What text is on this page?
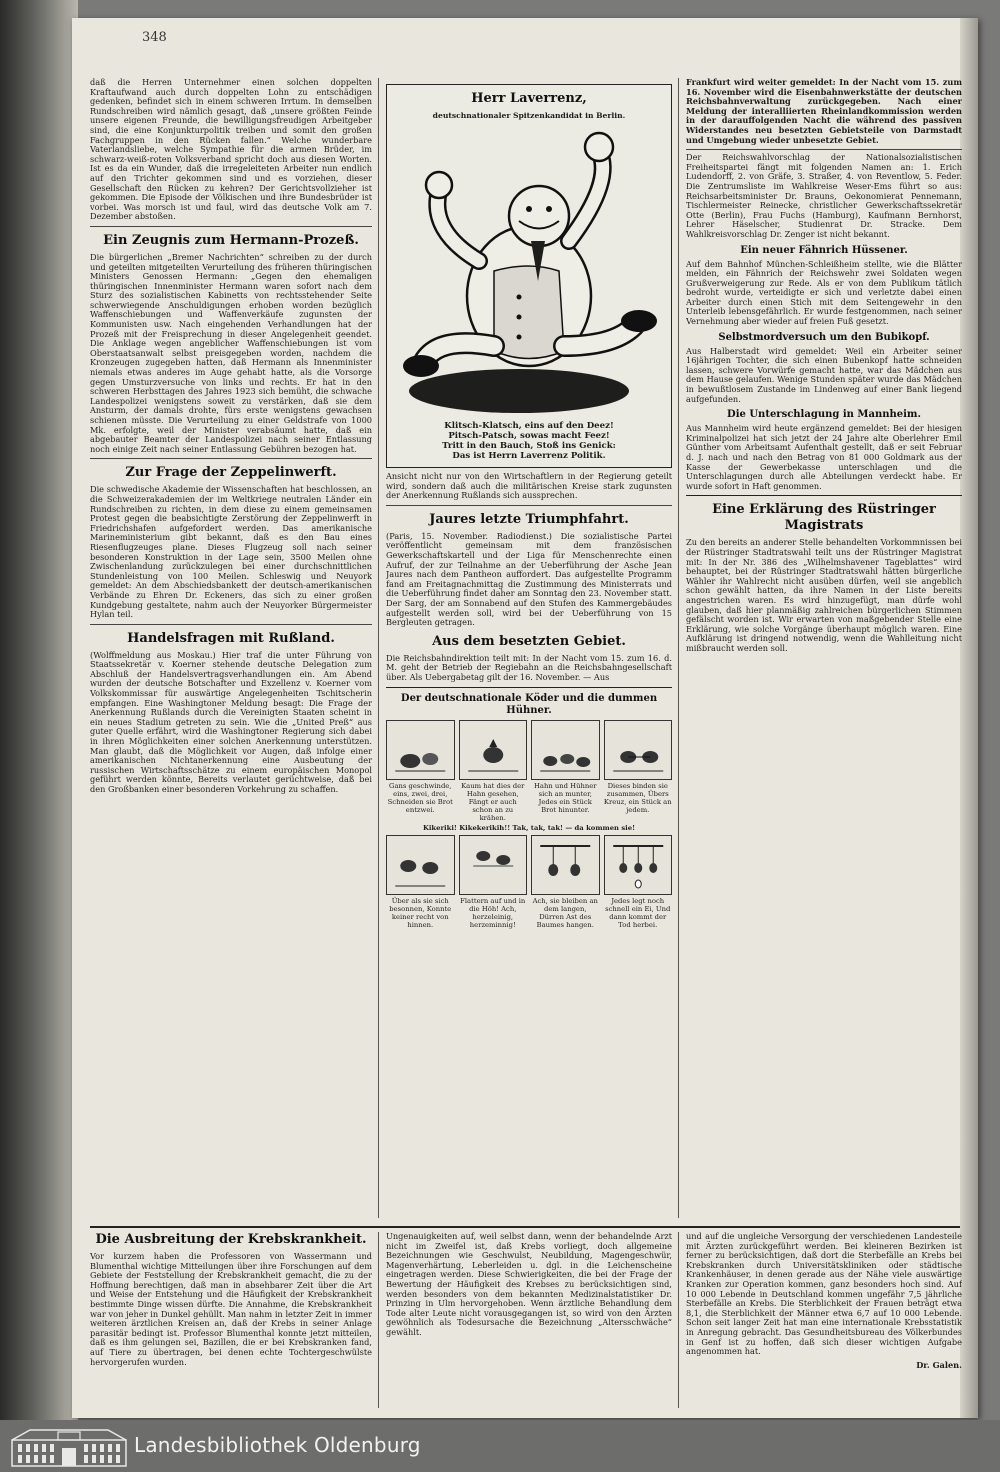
348

daß die Herren Unternehmer einen solchen doppelten Kraftaufwand auch durch doppelten Lohn zu entschädigen gedenken, befindet sich in einem schweren Irrtum. In demselben Rundschreiben wird nämlich gesagt, daß „unsere größten Feinde unsere eigenen Freunde, die bewilligungsfreudigen Arbeitgeber sind, die eine Konjunkturpolitik treiben und somit den großen Fachgruppen in den Rücken fallen.“ Welche wunderbare Vaterlandsliebe, welche Sympathie für die armen Brüder, im schwarz-weiß-roten Volksverband spricht doch aus diesen Worten. Ist es da ein Wunder, daß die irregeleiteten Arbeiter nun endlich auf den Trichter gekommen sind und es vorziehen, dieser Gesellschaft den Rücken zu kehren? Der Gerichtsvollzieher ist gekommen. Die Episode der Völkischen und ihre Bundesbrüder ist vorbei. Was morsch ist und faul, wird das deutsche Volk am 7. Dezember abstoßen.

Ein Zeugnis zum Hermann-Prozeß.

Die bürgerlichen „Bremer Nachrichten“ schreiben zu der durch und geteilten mitgeteilten Verurteilung des früheren thüringischen Ministers Genossen Hermann: „Gegen den ehemaligen thüringischen Innenminister Hermann waren sofort nach dem Sturz des sozialistischen Kabinetts von rechtsstehender Seite schwerwiegende Anschuldigungen erhoben worden bezüglich Waffenschiebungen und Waffenverkäufe zugunsten der Kommunisten usw. Nach eingehenden Verhandlungen hat der Prozeß mit der Freisprechung in dieser Angelegenheit geendet. Die Anklage wegen angeblicher Waffenschiebungen ist vom Oberstaatsanwalt selbst preisgegeben worden, nachdem die Kronzeugen zugegeben hatten, daß Hermann als Innenminister niemals etwas anderes im Auge gehabt hatte, als die Vorsorge gegen Umsturzversuche von links und rechts. Er hat in den schweren Herbsttagen des Jahres 1923 sich bemüht, die schwache Landespolizei wenigstens soweit zu verstärken, daß sie dem Ansturm, der damals drohte, fürs erste wenigstens gewachsen schienen müsste. Die Verurteilung zu einer Geldstrafe von 1000 Mk. erfolgte, weil der Minister verabsäumt hatte, daß ein abgebauter Beamter der Landespolizei nach seiner Entlassung noch einige Zeit nach seiner Entlassung Gebühren bezogen hat.

Zur Frage der Zeppelinwerft.

Die schwedische Akademie der Wissenschaften hat beschlossen, an die Schweizerakademien der im Weltkriege neutralen Länder ein Rundschreiben zu richten, in dem diese zu einem gemeinsamen Protest gegen die beabsichtigte Zerstörung der Zeppelinwerft in Friedrichshafen aufgefordert werden. Das amerikanische Marineministerium gibt bekannt, daß es den Bau eines Riesenflugzeuges plane. Dieses Flugzeug soll nach seiner besonderen Konstruktion in der Lage sein, 3500 Meilen ohne Zwischenlandung zurückzulegen bei einer durchschnittlichen Stundenleistung von 100 Meilen. Schleswig und Neuyork gemeldet: An dem Abschiedsbankett der deutsch-amerikanischen Verbände zu Ehren Dr. Eckeners, das sich zu einer großen Kundgebung gestaltete, nahm auch der Neuyorker Bürgermeister Hylan teil.

Handelsfragen mit Rußland.

(Wolffmeldung aus Moskau.) Hier traf die unter Führung von Staatssekretär v. Koerner stehende deutsche Delegation zum Abschluß der Handelsvertragsverhandlungen ein. Am Abend wurden der deutsche Botschafter und Exzellenz v. Koerner vom Volkskommissar für auswärtige Angelegenheiten Tschitscherin empfangen. Eine Washingtoner Meldung besagt: Die Frage der Anerkennung Rußlands durch die Vereinigten Staaten scheint in ein neues Stadium getreten zu sein. Wie die „United Preß“ aus guter Quelle erfährt, wird die Washingtoner Regierung sich dabei in ihren Möglichkeiten einer solchen Anerkennung unterstützen. Man glaubt, daß die Möglichkeit vor Augen, daß infolge einer amerikanischen Nichtanerkennung eine Ausbeutung der russischen Wirtschaftsschätze zu einem europäischen Monopol geführt werden könnte, Bereits verlautet gerüchtweise, daß bei den Großbanken einer besonderen Vorkehrung zu schaffen.

Herr Laverrenz,
deutschnationaler Spitzenkandidat in Berlin.
Klitsch-Klatsch, eins auf den Deez!
Pitsch-Patsch, sowas macht Feez!
Tritt in den Bauch, Stoß ins Genick:
Das ist Herrn Laverrenz Politik.

Ansicht nicht nur von den Wirtschaftlern in der Regierung geteilt wird, sondern daß auch die militärischen Kreise stark zugunsten der Anerkennung Rußlands sich aussprechen.

Jaures letzte Triumphfahrt.

(Paris, 15. November. Radiodienst.) Die sozialistische Partei veröffentlicht gemeinsam mit dem französischen Gewerkschaftskartell und der Liga für Menschenrechte einen Aufruf, der zur Teilnahme an der Ueberführung der Asche Jean Jaures nach dem Pantheon auffordert. Das aufgestellte Programm fand am Freitagnachmittag die Zustimmung des Ministerrats und die Ueberführung findet daher am Sonntag den 23. November statt. Der Sarg, der am Sonnabend auf den Stufen des Kammergebäudes aufgestellt werden soll, wird bei der Ueberführung von 15 Bergleuten getragen.

Aus dem besetzten Gebiet.

Die Reichsbahndirektion teilt mit: In der Nacht vom 15. zum 16. d. M. geht der Betrieb der Regiebahn an die Reichsbahngesellschaft über. Als Uebergabetag gilt der 16. November. — Aus

Der deutschnationale Köder und die dummen Hühner.
Gans geschwinde, eins, zwei, drei, Schneiden sie Brot entzwei.
Kaum hat dies der Hahn gesehen, Fängt er auch schon an zu krähen.
Hahn und Hühner sich an munter, Jedes ein Stück Brot hinunter.
Dieses binden sie zusammen, Übers Kreuz, ein Stück an jedem.
Kikeriki! Kikekerikih!! Tak, tak, tak! — da kommen sie!
Über als sie sich besonnen, Konnte keiner recht von hinnen.
Flattern auf und in die Höh! Ach, herzeleinig, herzeminnig!
Ach, sie bleiben an dem langen, Dürren Ast des Baumes hangen.
Jedes legt noch schnell ein Ei, Und dann kommt der Tod herbei.

Frankfurt wird weiter gemeldet: In der Nacht vom 15. zum 16. November wird die Eisenbahnwerkstätte der deutschen Reichsbahnverwaltung zurückgegeben. Nach einer Meldung der interalliierten Rheinlandkommission werden in der darauffolgenden Nacht die während des passiven Widerstandes neu besetzten Gebietsteile von Darmstadt und Umgebung wieder unbesetzte Gebiet.

Der Reichswahlvorschlag der Nationalsozialistischen Freiheitspartei fängt mit folgenden Namen an: 1. Erich Ludendorff, 2. von Gräfe, 3. Straßer, 4. von Reventlow, 5. Feder. Die Zentrumsliste im Wahlkreise Weser-Ems führt so aus: Reichsarbeitsminister Dr. Brauns, Oekonomierat Pennemann, Tischlermeister Reinecke, christlicher Gewerkschaftssekretär Otte (Berlin), Frau Fuchs (Hamburg), Kaufmann Bernhorst, Lehrer Häselscher, Studienrat Dr. Stracke. Dem Wahlkreisvorschlag Dr. Zenger ist nicht bekannt.

Ein neuer Fähnrich Hüssener.

Auf dem Bahnhof München-Schleißheim stellte, wie die Blätter melden, ein Fähnrich der Reichswehr zwei Soldaten wegen Grußverweigerung zur Rede. Als er von dem Publikum tätlich bedroht wurde, verteidigte er sich und verletzte dabei einen Arbeiter durch einen Stich mit dem Seitengewehr in den Unterleib lebensgefährlich. Er wurde festgenommen, nach seiner Vernehmung aber wieder auf freien Fuß gesetzt.

Selbstmordversuch um den Bubikopf.

Aus Halberstadt wird gemeldet: Weil ein Arbeiter seiner 16jährigen Tochter, die sich einen Bubenkopf hatte schneiden lassen, schwere Vorwürfe gemacht hatte, war das Mädchen aus dem Hause gelaufen. Wenige Stunden später wurde das Mädchen in bewußtlosem Zustande im Lindenweg auf einer Bank liegend aufgefunden.

Die Unterschlagung in Mannheim.

Aus Mannheim wird heute ergänzend gemeldet: Bei der hiesigen Kriminalpolizei hat sich jetzt der 24 Jahre alte Oberlehrer Emil Günther vom Arbeitsamt Aufenthalt gestellt, daß er seit Februar d. J. nach und nach den Betrag von 81 000 Goldmark aus der Kasse der Gewerbekasse unterschlagen und die Unterschlagungen durch alle Abteilungen verdeckt habe. Er wurde sofort in Haft genommen.

Eine Erklärung des Rüstringer Magistrats

Zu den bereits an anderer Stelle behandelten Vorkommnissen bei der Rüstringer Stadtratswahl teilt uns der Rüstringer Magistrat mit: In der Nr. 386 des „Wilhelmshavener Tageblattes“ wird behauptet, bei der Rüstringer Stadtratswahl hätten bürgerliche Wähler ihr Wahlrecht nicht ausüben dürfen, weil sie angeblich schon gewählt hatten, da ihre Namen in der Liste bereits angestrichen waren. Es wird hinzugefügt, man dürfe wohl glauben, daß hier planmäßig zahlreichen bürgerlichen Stimmen gefälscht worden ist. Wir erwarten von maßgebender Stelle eine Erklärung, wie solche Vorgänge überhaupt möglich waren. Eine Aufklärung ist dringend notwendig, wenn die Wahlleitung nicht mißbraucht werden soll.

Die Ausbreitung der Krebskrankheit.

Vor kurzem haben die Professoren von Wassermann und Blumenthal wichtige Mitteilungen über ihre Forschungen auf dem Gebiete der Feststellung der Krebskrankheit gemacht, die zu der Hoffnung berechtigen, daß man in absehbarer Zeit über die Art und Weise der Entstehung und die Häufigkeit der Krebskrankheit bestimmte Dinge wissen dürfte. Die Annahme, die Krebskrankheit war von jeher in Dunkel gehüllt. Man nahm in letzter Zeit in immer weiteren ärztlichen Kreisen an, daß der Krebs in seiner Anlage parasitär bedingt ist. Professor Blumenthal konnte jetzt mitteilen, daß es ihm gelungen sei, Bazillen, die er bei Krebskranken fand, auf Tiere zu übertragen, bei denen echte Tochtergeschwülste hervorgerufen wurden.

Ungenauigkeiten auf, weil selbst dann, wenn der behandelnde Arzt nicht im Zweifel ist, daß Krebs vorliegt, doch allgemeine Bezeichnungen wie Geschwulst, Neubildung, Magengeschwür, Magenverhärtung, Leberleiden u. dgl. in die Leichenscheine eingetragen werden. Diese Schwierigkeiten, die bei der Frage der Bewertung der Häufigkeit des Krebses zu berücksichtigen sind, werden besonders von dem bekannten Medizinalstatistiker Dr. Prinzing in Ulm hervorgehoben. Wenn ärztliche Behandlung dem Tode alter Leute nicht vorausgegangen ist, so wird von den Ärzten gewöhnlich als Todesursache die Bezeichnung „Altersschwäche“ gewählt.

und auf die ungleiche Versorgung der verschiedenen Landesteile mit Ärzten zurückgeführt werden. Bei kleineren Bezirken ist ferner zu berücksichtigen, daß dort die Sterbefälle an Krebs bei Krebskranken durch Universitätskliniken oder städtische Krankenhäuser, in denen gerade aus der Nähe viele auswärtige Kranken zur Operation kommen, ganz besonders hoch sind. Auf 10 000 Lebende in Deutschland kommen ungefähr 7,5 jährliche Sterbefälle an Krebs. Die Sterblichkeit der Frauen beträgt etwa 8,1, die Sterblichkeit der Männer etwa 6,7 auf 10 000 Lebende. Schon seit langer Zeit hat man eine internationale Krebsstatistik in Anregung gebracht. Das Gesundheitsbureau des Völkerbundes in Genf ist zu hoffen, daß sich dieser wichtigen Aufgabe angenommen hat.

Dr. Galen.
Landesbibliothek Oldenburg
